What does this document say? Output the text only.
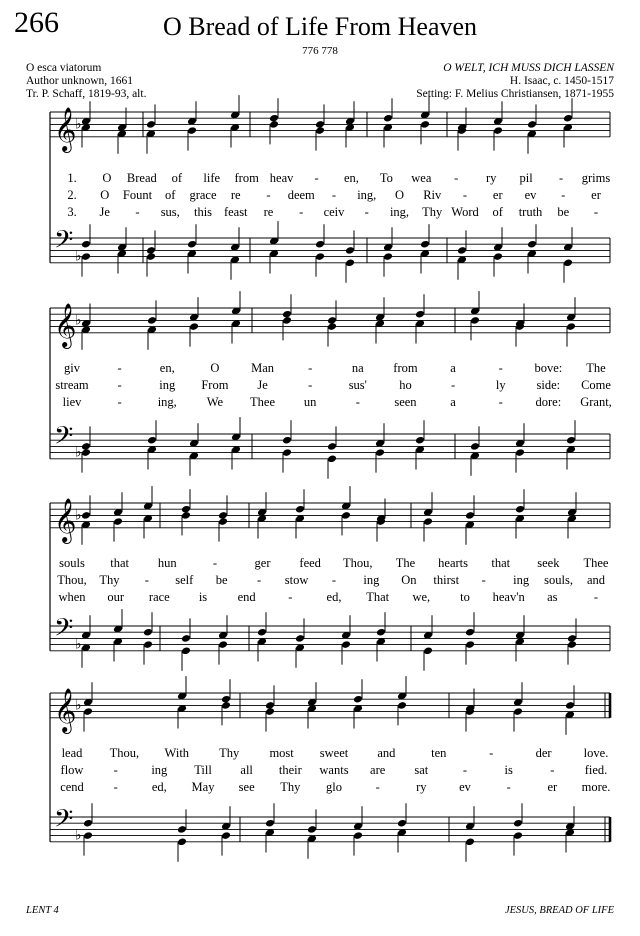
266	O Bread of Life From Heaven
776 778
O esca viatorum
Author unknown, 1661
Tr. P. Schaff, 1819-93, alt.
O WELT, ICH MUSS DICH LASSEN
H. Isaac, c. 1450-1517
Setting: F. Melius Christiansen, 1871-1955
𝄞
𝄢
♭
♭
1. O Bread of life from heav - en, To wea - ry pil - grims
2. O Fount of grace re - deem - ing, O Riv - er ev - er
3. Je - sus, this feast re - ceiv - ing, Thy Word of truth be -
𝄞
𝄢
♭
♭
giv	-	en,	O	Man	-	na from	a	-	bove: The
stream -	ing From Je	-	sus'	ho	-	ly side: Come
liev	-	ing, We Thee un	-	seen	a	-	dore: Grant,
𝄞
𝄢
♭
♭
souls that hun	-	ger feed Thou, The hearts that seek Thee
Thou, Thy - self be - stow - ing On thirst - ing souls, and
when our race is end	-	ed, That we, to heav'n as	-
𝄞
𝄢
♭
♭
lead Thou, With Thy most sweet and	ten	-	der	love.
flow -	ing Till all their wants are sat	-	is	- fied.
cend -	ed, May see Thy glo	-	ry	ev	-	er more.
LENT 4	JESUS, BREAD OF LIFE
